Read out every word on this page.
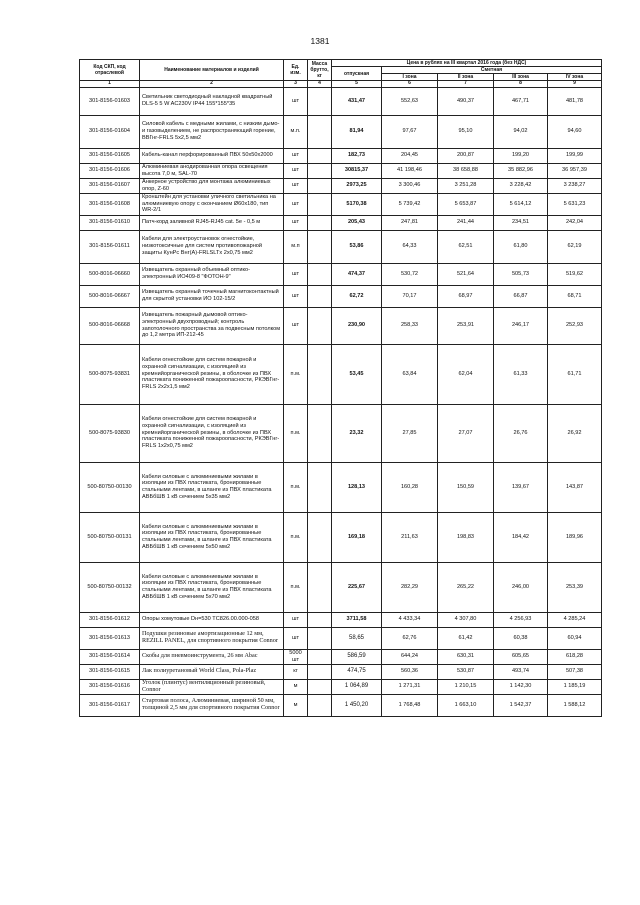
1381
Код СКП, код отраслевой	Наименование материалов и изделий	Ед. изм.	Масса брутто, кг	Цена в рублях на III квартал 2016 года (без НДС)				
				отпускная	Сметная			
					I зона	II зона	III зона	IV зона
1	2	3	4	5	6	7	8	9
301-8156-01603	Светильник светодиодный накладной квадратный DLS-5 5 W AC230V IP44 155*155*35	шт		431,47	552,63	490,37	467,71	481,78
301-8156-01604	Силовой кабель с медными жилами, с низким дымо- и газовыделением, не распространяющий горение, ВВГнг-FRLS 5х2,5 мм2	м.п.		81,94	97,67	95,10	94,02	94,60
301-8156-01605	Кабель-канал перфорированный ПВХ 50х50х2000	шт		182,73	204,45	200,87	199,20	199,99
301-8156-01606	Алюминиевая анодированная опора освещения высота 7,0 м, SAL-70	шт		30815,37	41 198,46	38 658,88	35 882,96	36 957,39
301-8156-01607	Анкерное устройство для монтажа алюминиевых опор, Z-60	шт		2973,25	3 300,46	3 251,28	3 228,42	3 238,27
301-8156-01608	Кронштейн для установки уличного светильника на алюминиевую опору с окончанием Ø60х180, тип WR-2/1	шт		5170,38	5 739,42	5 653,87	5 614,12	5 631,23
301-8156-01610	Патч-корд заливной RJ45-RJ45 cat. 5е - 0,5 м	шт		205,43	247,81	241,44	234,51	242,04
301-8156-01611	Кабели для электроустановок огнестойкие, низкотоксичные для систем противопожарной защиты КунРс Внг(А)-FRLSLTx 2х0,75 мм2	м.п		53,86	64,33	62,51	61,80	62,19
500-8016-06660	Извещатель охранный объемный оптико-электронный ИО409-8 "ФОТОН-9"	шт		474,37	530,72	521,64	505,73	519,62
500-8016-06667	Извещатель охранный точечный магнитоконтактный для скрытой установки ИО 102-15/2	шт		62,72	70,17	68,97	66,87	68,71
500-8016-06668	Извещатель пожарный дымовой оптико-электронный двухпроводный; контроль запотолочного пространства за подвесным потолком до 1,2 метра ИП-212-45	шт		230,90	258,33	253,91	246,17	252,93
500-8075-93831	Кабели огнестойкие для систем пожарной и охранной сигнализации, с изоляцией из кремнийорганической резины, в оболочке из ПВХ пластиката пониженной пожароопасности, РКЭВГнг-FRLS 2х2х1,5 мм2	п.м.		53,45	63,84	62,04	61,33	61,71
500-8075-93830	Кабели огнестойкие для систем пожарной и охранной сигнализации, с изоляцией из кремнийорганической резины, в оболочке из ПВХ пластиката пониженной пожароопасности, РКЭВГнг-FRLS 1х2х0,75 мм2	п.м.		23,32	27,85	27,07	26,76	26,92
500-80750-00130	Кабели силовые с алюминиевыми жилами в изоляции из ПВХ пластиката, бронированные стальными лентами, в шланге из ПВХ пластиката АВБбШВ 1 кВ сечением 5х35 мм2	п.м.		128,13	160,28	150,59	139,67	143,87
500-80750-00131	Кабели силовые с алюминиевыми жилами в изоляции из ПВХ пластиката, бронированные стальными лентами, в шланге из ПВХ пластиката АВБбШВ 1 кВ сечением 5х50 мм2	п.м.		169,18	211,63	198,83	184,42	189,96
500-80750-00132	Кабели силовые с алюминиевыми жилами в изоляции из ПВХ пластиката, бронированные стальными лентами, в шланге из ПВХ пластиката АВБбШВ 1 кВ сечением 5х70 мм2	п.м.		225,67	282,29	265,22	246,00	253,39
301-8156-01612	Опоры хомутовые Dн=530 ТС826.00.000-058	шт		3711,58	4 433,34	4 307,80	4 256,93	4 285,24
301-8156-01613	Подушки резиновые амортизационные 12 мм, REZILL PANEL, для спортивного покрытия Connor	шт		58,65	62,76	61,42	60,38	60,94
301-8156-01614	Скобы для пневмоинструмента, 26 мм Abac	5000 шт		586,59	644,24	630,31	605,65	618,28
301-8156-01615	Лак полиуретановый World Class, Pola-Plaz	кг		474,75	560,36	530,87	493,74	507,38
301-8156-01616	Уголок (плинтус) вентиляционный резиновый, Connor	м		1 064,89	1 271,31	1 210,15	1 142,30	1 185,19
301-8156-01617	Стартовая полоса, Алюминиевая, шириной 50 мм, толщиной 2,5 мм для спортивного покрытия Connor	м		1 450,20	1 768,48	1 663,10	1 542,37	1 588,12
